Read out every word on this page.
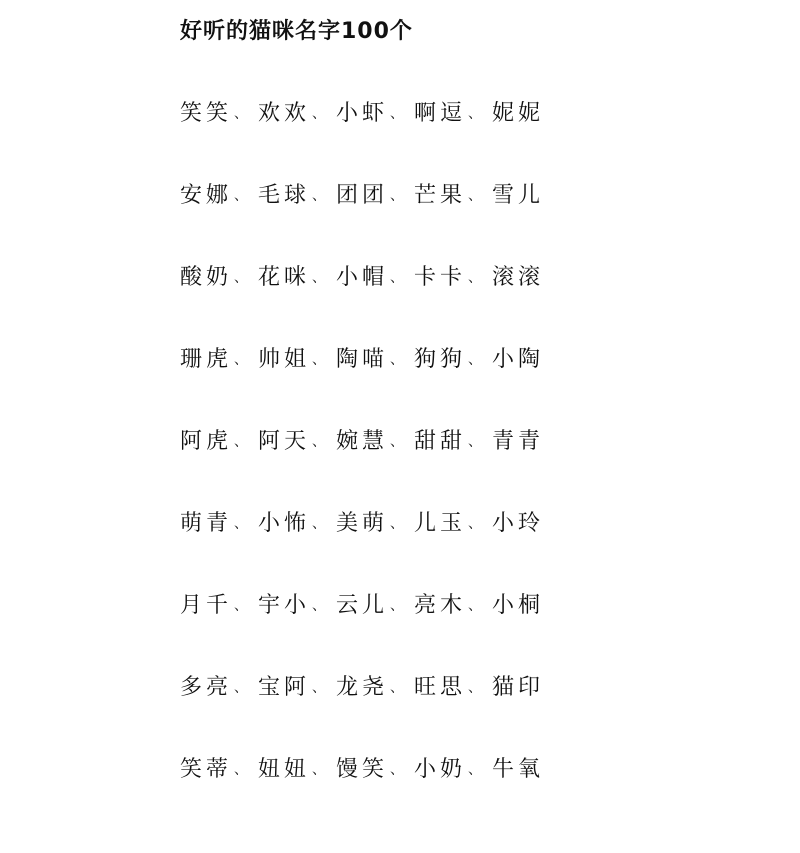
好听的猫咪名字100个
笑笑 、 欢欢 、 小虾 、 啊逗 、 妮妮
安娜 、 毛球 、 团团 、 芒果 、 雪儿
酸奶 、 花咪 、 小帽 、 卡卡 、 滚滚
珊虎 、 帅姐 、 陶喵 、 狗狗 、 小陶
阿虎 、 阿天 、 婉慧 、 甜甜 、 青青
萌青 、 小怖 、 美萌 、 儿玉 、 小玲
月千 、 宇小 、 云儿 、 亮木 、 小桐
多亮 、 宝阿 、 龙尧 、 旺思 、 猫印
笑蒂 、 妞妞 、 馒笑 、 小奶 、 牛氧
